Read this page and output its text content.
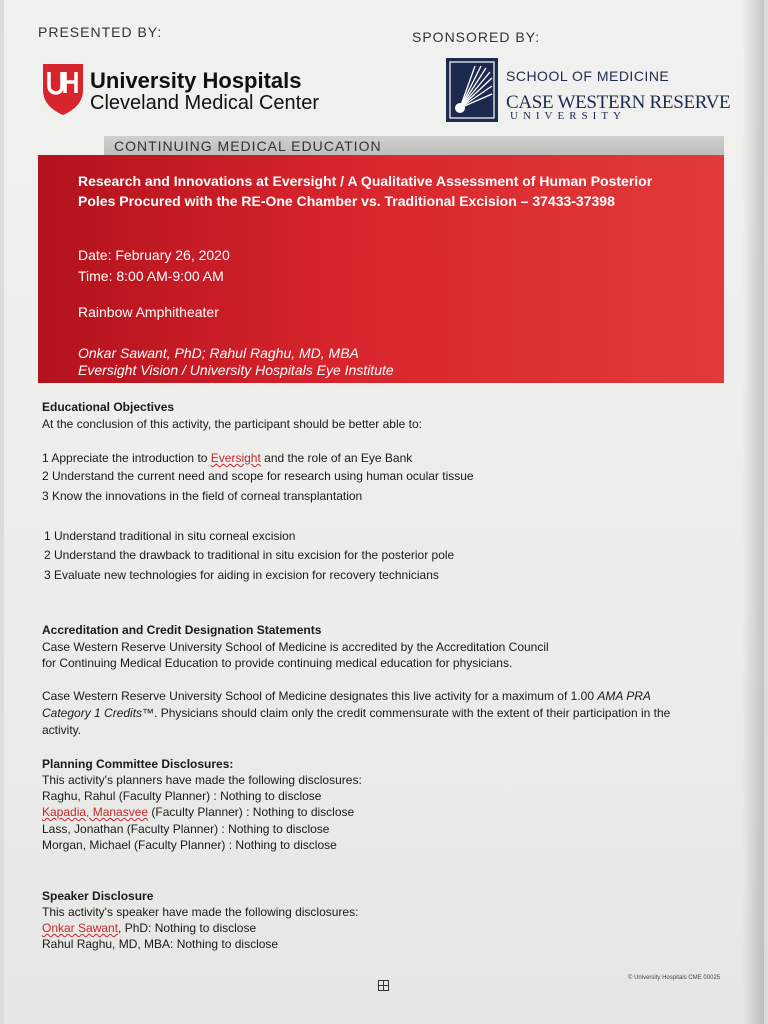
PRESENTED BY:	SPONSORED BY:
University Hospitals
Cleveland Medical Center
SCHOOL OF MEDICINE
CASE WESTERN RESERVE
UNIVERSITY
CONTINUING MEDICAL EDUCATION
Research and Innovations at Eversight / A Qualitative Assessment of Human Posterior Poles Procured with the RE-One Chamber vs. Traditional Excision – 37433-37398
Date: February 26, 2020
Time: 8:00 AM-9:00 AM
Rainbow Amphitheater
Onkar Sawant, PhD; Rahul Raghu, MD, MBA
Eversight Vision / University Hospitals Eye Institute
Educational Objectives
At the conclusion of this activity, the participant should be better able to:
1 Appreciate the introduction to Eversight and the role of an Eye Bank
2 Understand the current need and scope for research using human ocular tissue
3 Know the innovations in the field of corneal transplantation
1 Understand traditional in situ corneal excision
2 Understand the drawback to traditional in situ excision for the posterior pole
3 Evaluate new technologies for aiding in excision for recovery technicians
Accreditation and Credit Designation Statements
Case Western Reserve University School of Medicine is accredited by the Accreditation Council
for Continuing Medical Education to provide continuing medical education for physicians.
Case Western Reserve University School of Medicine designates this live activity for a maximum of 1.00 AMA PRA
Category 1 Credits™. Physicians should claim only the credit commensurate with the extent of their participation in the
activity.
Planning Committee Disclosures:
This activity's planners have made the following disclosures:
Raghu, Rahul (Faculty Planner) : Nothing to disclose
Kapadia, Manasvee (Faculty Planner) : Nothing to disclose
Lass, Jonathan (Faculty Planner) : Nothing to disclose
Morgan, Michael (Faculty Planner) : Nothing to disclose
Speaker Disclosure
This activity's speaker have made the following disclosures:
Onkar Sawant, PhD: Nothing to disclose
Rahul Raghu, MD, MBA: Nothing to disclose
© University Hospitals CME 00025
